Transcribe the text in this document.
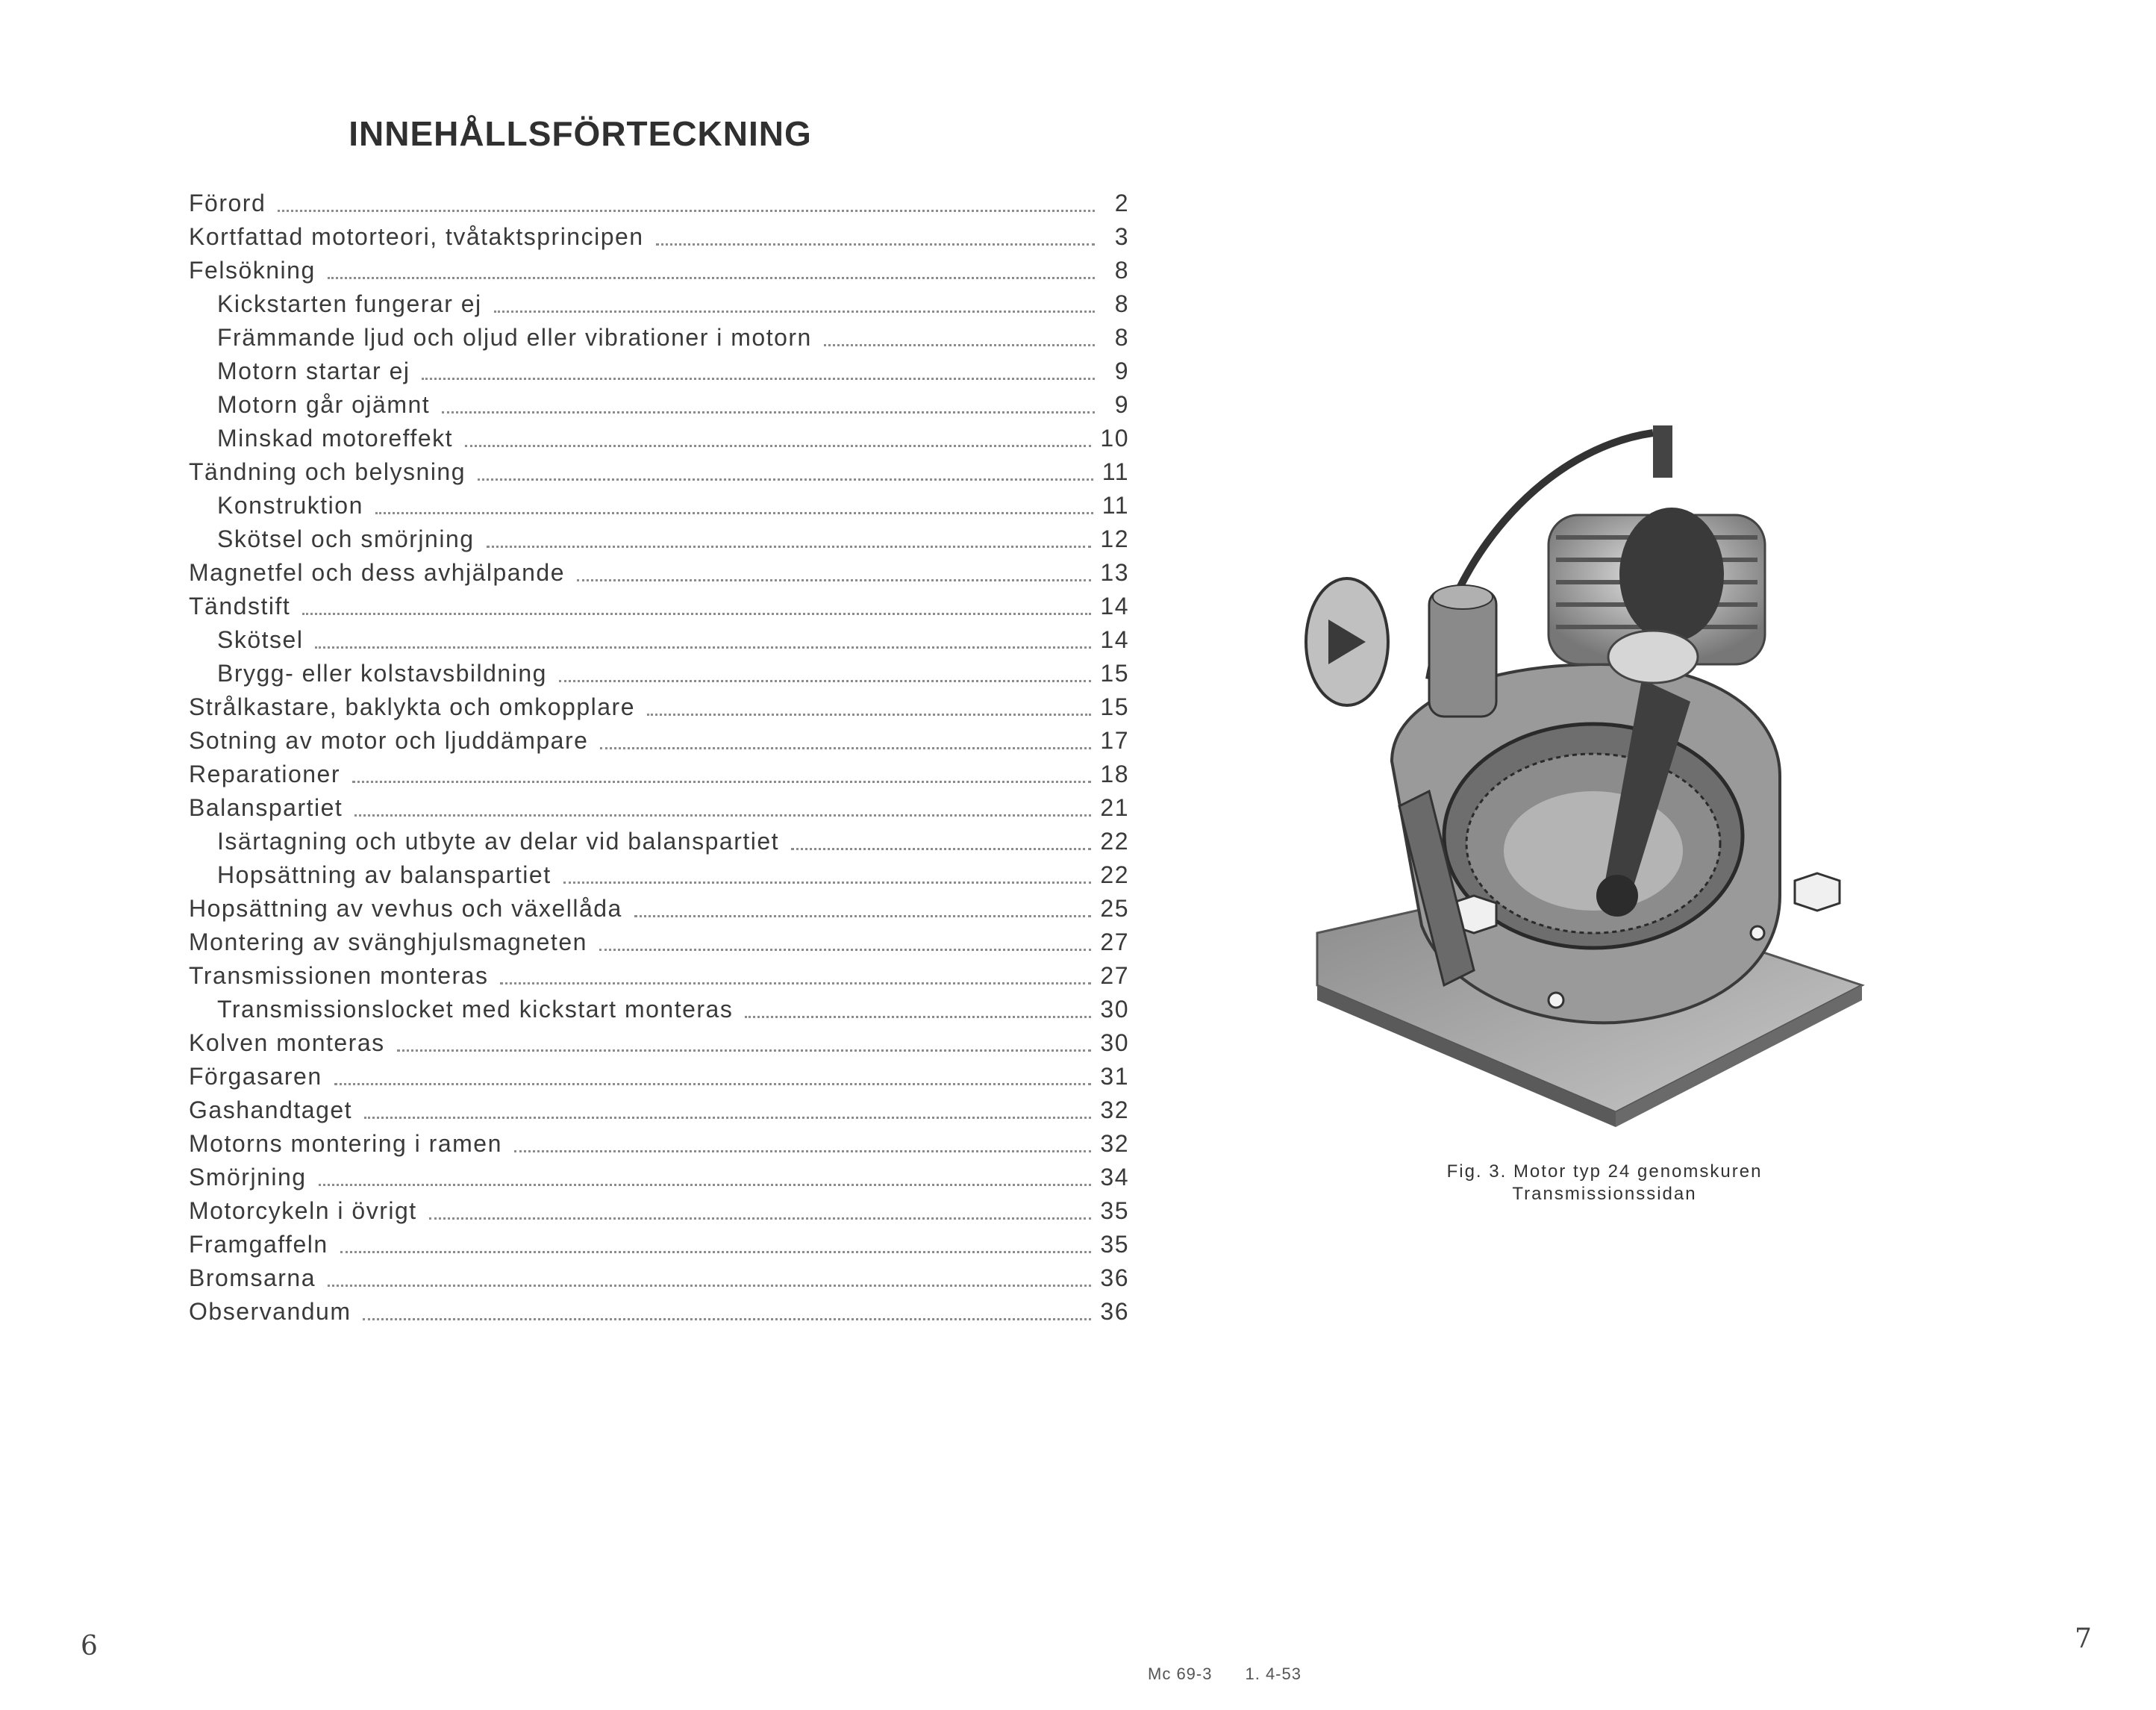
INNEHÅLLSFÖRTECKNING
Förord	2
Kortfattad motorteori, tvåtaktsprincipen	3
Felsökning	8
Kickstarten fungerar ej	8
Främmande ljud och oljud eller vibrationer i motorn	8
Motorn startar ej	9
Motorn går ojämnt	9
Minskad motoreffekt	10
Tändning och belysning	11
Konstruktion	11
Skötsel och smörjning	12
Magnetfel och dess avhjälpande	13
Tändstift	14
Skötsel	14
Brygg- eller kolstavsbildning	15
Strålkastare, baklykta och omkopplare	15
Sotning av motor och ljuddämpare	17
Reparationer	18
Balanspartiet	21
Isärtagning och utbyte av delar vid balanspartiet	22
Hopsättning av balanspartiet	22
Hopsättning av vevhus och växellåda	25
Montering av svänghjulsmagneten	27
Transmissionen monteras	27
Transmissionslocket med kickstart monteras	30
Kolven monteras	30
Förgasaren	31
Gashandtaget	32
Motorns montering i ramen	32
Smörjning	34
Motorcykeln i övrigt	35
Framgaffeln	35
Bromsarna	36
Observandum	36
Fig. 3. Motor typ 24 genomskuren
Transmissionssidan
6	7
Mc 69-3 1. 4-53
